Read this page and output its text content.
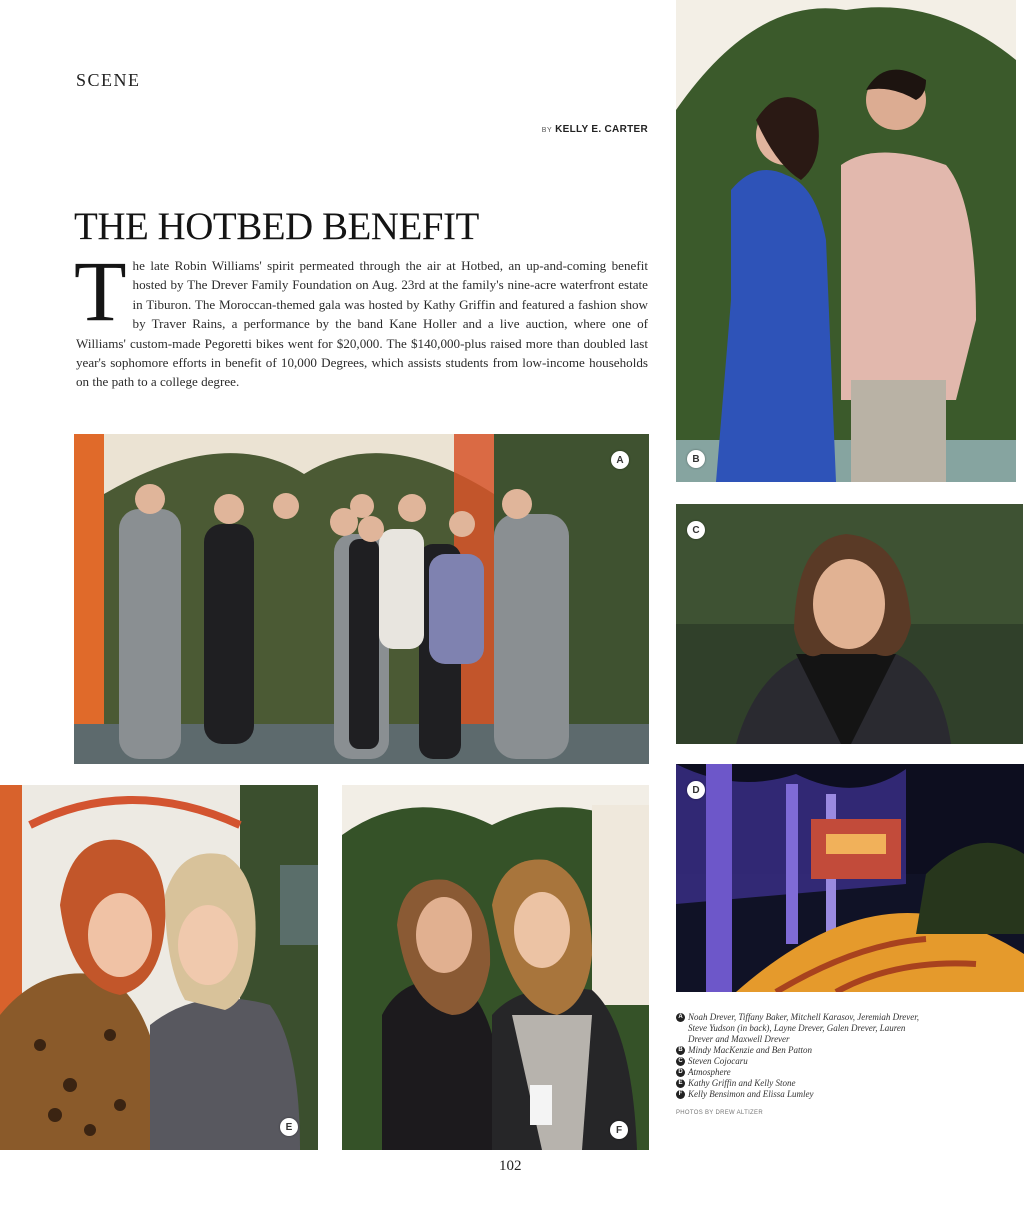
SCENE
BY KELLY E. CARTER
THE HOTBED BENEFIT
The late Robin Williams' spirit permeated through the air at Hotbed, an up-and-coming benefit hosted by The Drever Family Foundation on Aug. 23rd at the family's nine-acre waterfront estate in Tiburon. The Moroccan-themed gala was hosted by Kathy Griffin and featured a fashion show by Traver Rains, a performance by the band Kane Holler and a live auction, where one of Williams' custom-made Pegoretti bikes went for $20,000. The $140,000-plus raised more than doubled last year's sophomore efforts in benefit of 10,000 Degrees, which assists students from low-income households on the path to a college degree.
A	B
C
D
E	F
A Noah Drever, Tiffany Baker, Mitchell Karasov, Jeremiah Drever, Steve Yudson (in back), Layne Drever, Galen Drever, Lauren Drever and Maxwell Drever
B Mindy MacKenzie and Ben Patton
C Steven Cojocaru
D Atmosphere
E Kathy Griffin and Kelly Stone
F Kelly Bensimon and Elissa Lumley
PHOTOS BY DREW ALTIZER
102
